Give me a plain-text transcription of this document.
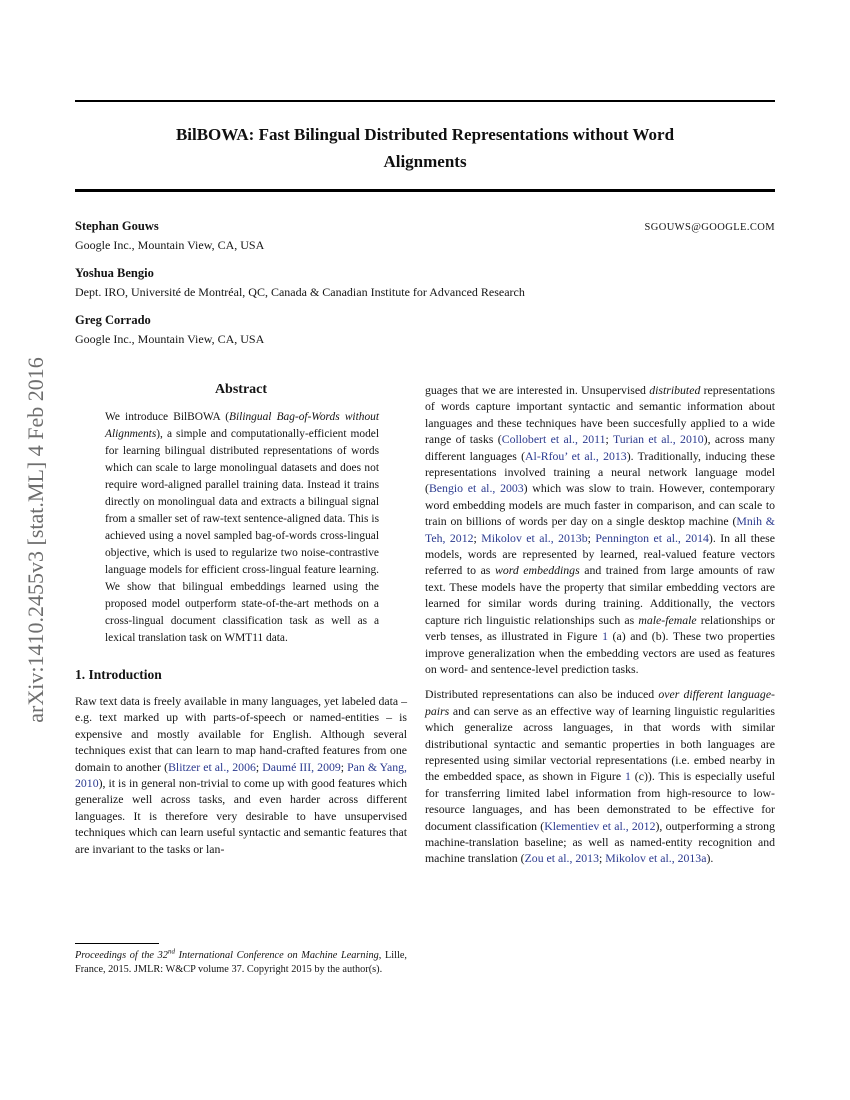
arXiv:1410.2455v3 [stat.ML] 4 Feb 2016
BilBOWA: Fast Bilingual Distributed Representations without Word
Alignments
Stephan Gouws	SGOUWS@GOOGLE.COM
Google Inc., Mountain View, CA, USA
Yoshua Bengio
Dept. IRO, Université de Montréal, QC, Canada & Canadian Institute for Advanced Research
Greg Corrado
Google Inc., Mountain View, CA, USA
Abstract
We introduce BilBOWA (Bilingual Bag-of-Words without Alignments), a simple and computationally-efficient model for learning bilingual distributed representations of words which can scale to large monolingual datasets and does not require word-aligned parallel training data. Instead it trains directly on monolingual data and extracts a bilingual signal from a smaller set of raw-text sentence-aligned data. This is achieved using a novel sampled bag-of-words cross-lingual objective, which is used to regularize two noise-contrastive language models for efficient cross-lingual feature learning. We show that bilingual embeddings learned using the proposed model outperform state-of-the-art methods on a cross-lingual document classification task as well as a lexical translation task on WMT11 data.
1. Introduction
Raw text data is freely available in many languages, yet labeled data – e.g. text marked up with parts-of-speech or named-entities – is expensive and mostly available for English. Although several techniques exist that can learn to map hand-crafted features from one domain to another (Blitzer et al., 2006; Daumé III, 2009; Pan & Yang, 2010), it is in general non-trivial to come up with good features which generalize well across tasks, and even harder across different languages. It is therefore very desirable to have unsupervised techniques which can learn useful syntactic and semantic features that are invariant to the tasks or lan-
Proceedings of the 32nd International Conference on Machine Learning, Lille, France, 2015. JMLR: W&CP volume 37. Copyright 2015 by the author(s).
guages that we are interested in. Unsupervised distributed representations of words capture important syntactic and semantic information about languages and these techniques have been succesfully applied to a wide range of tasks (Collobert et al., 2011; Turian et al., 2010), across many different languages (Al-Rfou’ et al., 2013). Traditionally, inducing these representations involved training a neural network language model (Bengio et al., 2003) which was slow to train. However, contemporary word embedding models are much faster in comparison, and can scale to train on billions of words per day on a single desktop machine (Mnih & Teh, 2012; Mikolov et al., 2013b; Pennington et al., 2014). In all these models, words are represented by learned, real-valued feature vectors referred to as word embeddings and trained from large amounts of raw text. These models have the property that similar embedding vectors are learned for similar words during training. Additionally, the vectors capture rich linguistic relationships such as male-female relationships or verb tenses, as illustrated in Figure 1 (a) and (b). These two properties improve generalization when the embedding vectors are used as features on word- and sentence-level prediction tasks.
Distributed representations can also be induced over different language-pairs and can serve as an effective way of learning linguistic regularities which generalize across languages, in that words with similar distributional syntactic and semantic properties in both languages are represented using similar vectorial representations (i.e. embed nearby in the embedded space, as shown in Figure 1 (c)). This is especially useful for transferring limited label information from high-resource to low-resource languages, and has been demonstrated to be effective for document classification (Klementiev et al., 2012), outperforming a strong machine-translation baseline; as well as named-entity recognition and machine translation (Zou et al., 2013; Mikolov et al., 2013a).
